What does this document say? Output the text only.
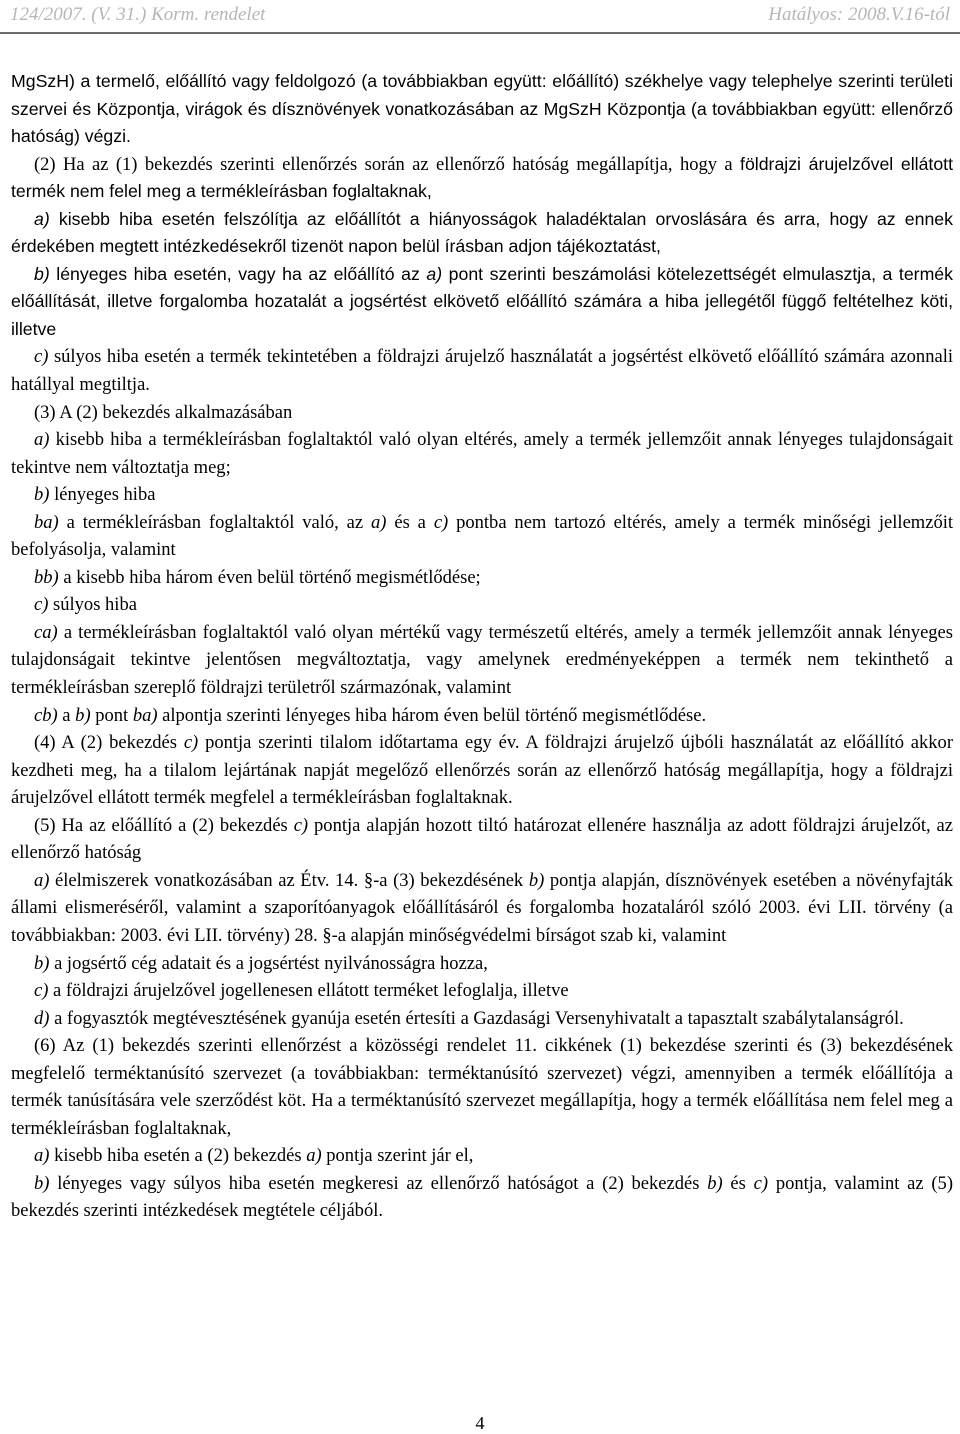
124/2007. (V. 31.) Korm. rendelet	Hatályos: 2008.V.16-tól

MgSzH) a termelő, előállító vagy feldolgozó (a továbbiakban együtt: előállító) székhelye vagy telephelye szerinti területi szervei és Központja, virágok és dísznövények vonatkozásában az MgSzH Központja (a továbbiakban együtt: ellenőrző hatóság) végzi.

(2) Ha az (1) bekezdés szerinti ellenőrzés során az ellenőrző hatóság megállapítja, hogy a földrajzi árujelzővel ellátott termék nem felel meg a termékleírásban foglaltaknak,

a) kisebb hiba esetén felszólítja az előállítót a hiányosságok haladéktalan orvoslására és arra, hogy az ennek érdekében megtett intézkedésekről tizenöt napon belül írásban adjon tájékoztatást,

b) lényeges hiba esetén, vagy ha az előállító az a) pont szerinti beszámolási kötelezettségét elmulasztja, a termék előállítását, illetve forgalomba hozatalát a jogsértést elkövető előállító számára a hiba jellegétől függő feltételhez köti, illetve

c) súlyos hiba esetén a termék tekintetében a földrajzi árujelző használatát a jogsértést elkövető előállító számára azonnali hatállyal megtiltja.

(3) A (2) bekezdés alkalmazásában

a) kisebb hiba a termékleírásban foglaltaktól való olyan eltérés, amely a termék jellemzőit annak lényeges tulajdonságait tekintve nem változtatja meg;

b) lényeges hiba

ba) a termékleírásban foglaltaktól való, az a) és a c) pontba nem tartozó eltérés, amely a termék minőségi jellemzőit befolyásolja, valamint

bb) a kisebb hiba három éven belül történő megismétlődése;

c) súlyos hiba

ca) a termékleírásban foglaltaktól való olyan mértékű vagy természetű eltérés, amely a termék jellemzőit annak lényeges tulajdonságait tekintve jelentősen megváltoztatja, vagy amelynek eredményeképpen a termék nem tekinthető a termékleírásban szereplő földrajzi területről származónak, valamint

cb) a b) pont ba) alpontja szerinti lényeges hiba három éven belül történő megismétlődése.

(4) A (2) bekezdés c) pontja szerinti tilalom időtartama egy év. A földrajzi árujelző újbóli használatát az előállító akkor kezdheti meg, ha a tilalom lejártának napját megelőző ellenőrzés során az ellenőrző hatóság megállapítja, hogy a földrajzi árujelzővel ellátott termék megfelel a termékleírásban foglaltaknak.

(5) Ha az előállító a (2) bekezdés c) pontja alapján hozott tiltó határozat ellenére használja az adott földrajzi árujelzőt, az ellenőrző hatóság

a) élelmiszerek vonatkozásában az Étv. 14. §-a (3) bekezdésének b) pontja alapján, dísznövények esetében a növényfajták állami elismeréséről, valamint a szaporítóanyagok előállításáról és forgalomba hozataláról szóló 2003. évi LII. törvény (a továbbiakban: 2003. évi LII. törvény) 28. §-a alapján minőségvédelmi bírságot szab ki, valamint

b) a jogsértő cég adatait és a jogsértést nyilvánosságra hozza,

c) a földrajzi árujelzővel jogellenesen ellátott terméket lefoglalja, illetve

d) a fogyasztók megtévesztésének gyanúja esetén értesíti a Gazdasági Versenyhivatalt a tapasztalt szabálytalanságról.

(6) Az (1) bekezdés szerinti ellenőrzést a közösségi rendelet 11. cikkének (1) bekezdése szerinti és (3) bekezdésének megfelelő terméktanúsító szervezet (a továbbiakban: terméktanúsító szervezet) végzi, amennyiben a termék előállítója a termék tanúsítására vele szerződést köt. Ha a terméktanúsító szervezet megállapítja, hogy a termék előállítása nem felel meg a termékleírásban foglaltaknak,

a) kisebb hiba esetén a (2) bekezdés a) pontja szerint jár el,

b) lényeges vagy súlyos hiba esetén megkeresi az ellenőrző hatóságot a (2) bekezdés b) és c) pontja, valamint az (5) bekezdés szerinti intézkedések megtétele céljából.

4
